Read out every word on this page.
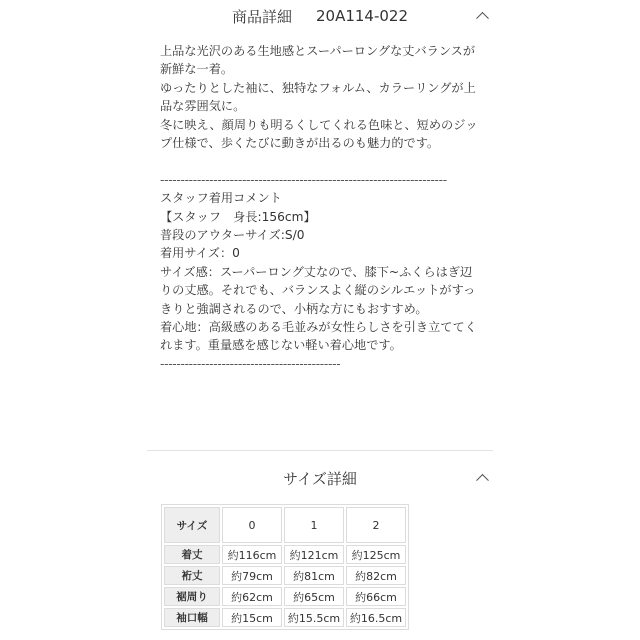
商品詳細 20A114-022

上品な光沢のある生地感とスーパーロングな丈バランスが新鮮な一着。

ゆったりとした袖に、独特なフォルム、カラーリングが上品な雰囲気に。

冬に映え、顔周りも明るくしてくれる色味と、短めのジップ仕様で、歩くたびに動きが出るのも魅力的です。

----------------------------------------------------------------------

スタッフ着用コメント

【スタッフ　身長:156cm】

普段のアウターサイズ:S/0

着用サイズ：0

サイズ感：スーパーロング丈なので、膝下~ふくらはぎ辺りの丈感。それでも、バランスよく縦のシルエットがすっきりと強調されるので、小柄な方にもおすすめ。

着心地：高級感のある毛並みが女性らしさを引き立ててくれます。重量感を感じない軽い着心地です。

--------------------------------------------

サイズ詳細
サイズ	0	1	2
着丈	約116cm	約121cm	約125cm
裄丈	約79cm	約81cm	約82cm
裾周り	約62cm	約65cm	約66cm
袖口幅	約15cm	約15.5cm	約16.5cm
